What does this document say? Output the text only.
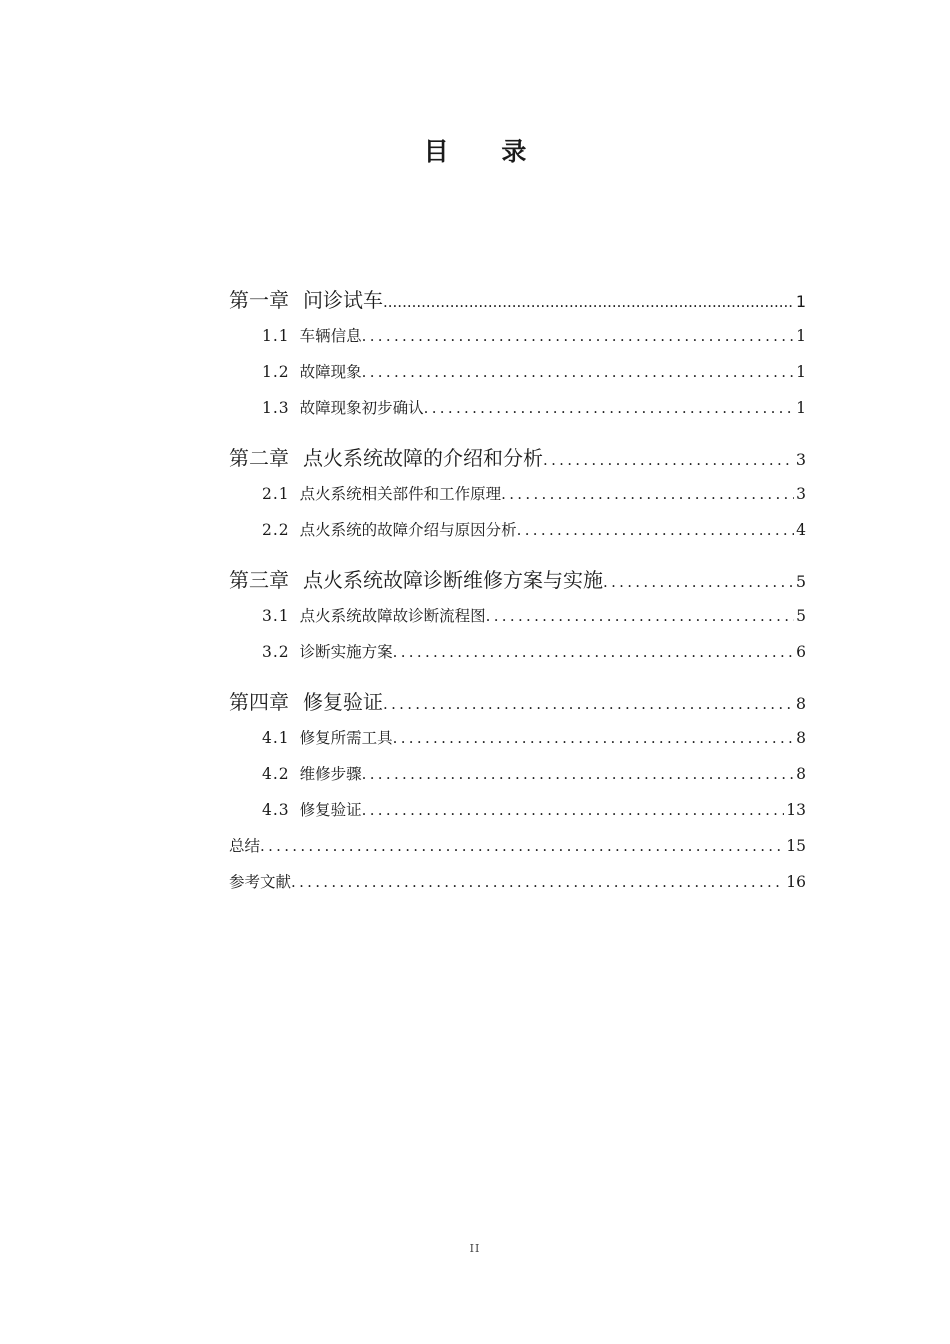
目 录
第一章 问诊试车 .....	1
1.1 车辆信息 .....	1
1.2 故障现象 .....	1
1.3 故障现象初步确认 .....	1
第二章 点火系统故障的介绍和分析 .....	3
2.1 点火系统相关部件和工作原理 .....	3
2.2 点火系统的故障介绍与原因分析 .....	4
第三章 点火系统故障诊断维修方案与实施 .....	5
3.1 点火系统故障故诊断流程图 .....	5
3.2 诊断实施方案 .....	6
第四章 修复验证 .....	8
4.1 修复所需工具 .....	8
4.2 维修步骤 .....	8
4.3 修复验证 .....	13
总结 .....	15
参考文献 .....	16
II
